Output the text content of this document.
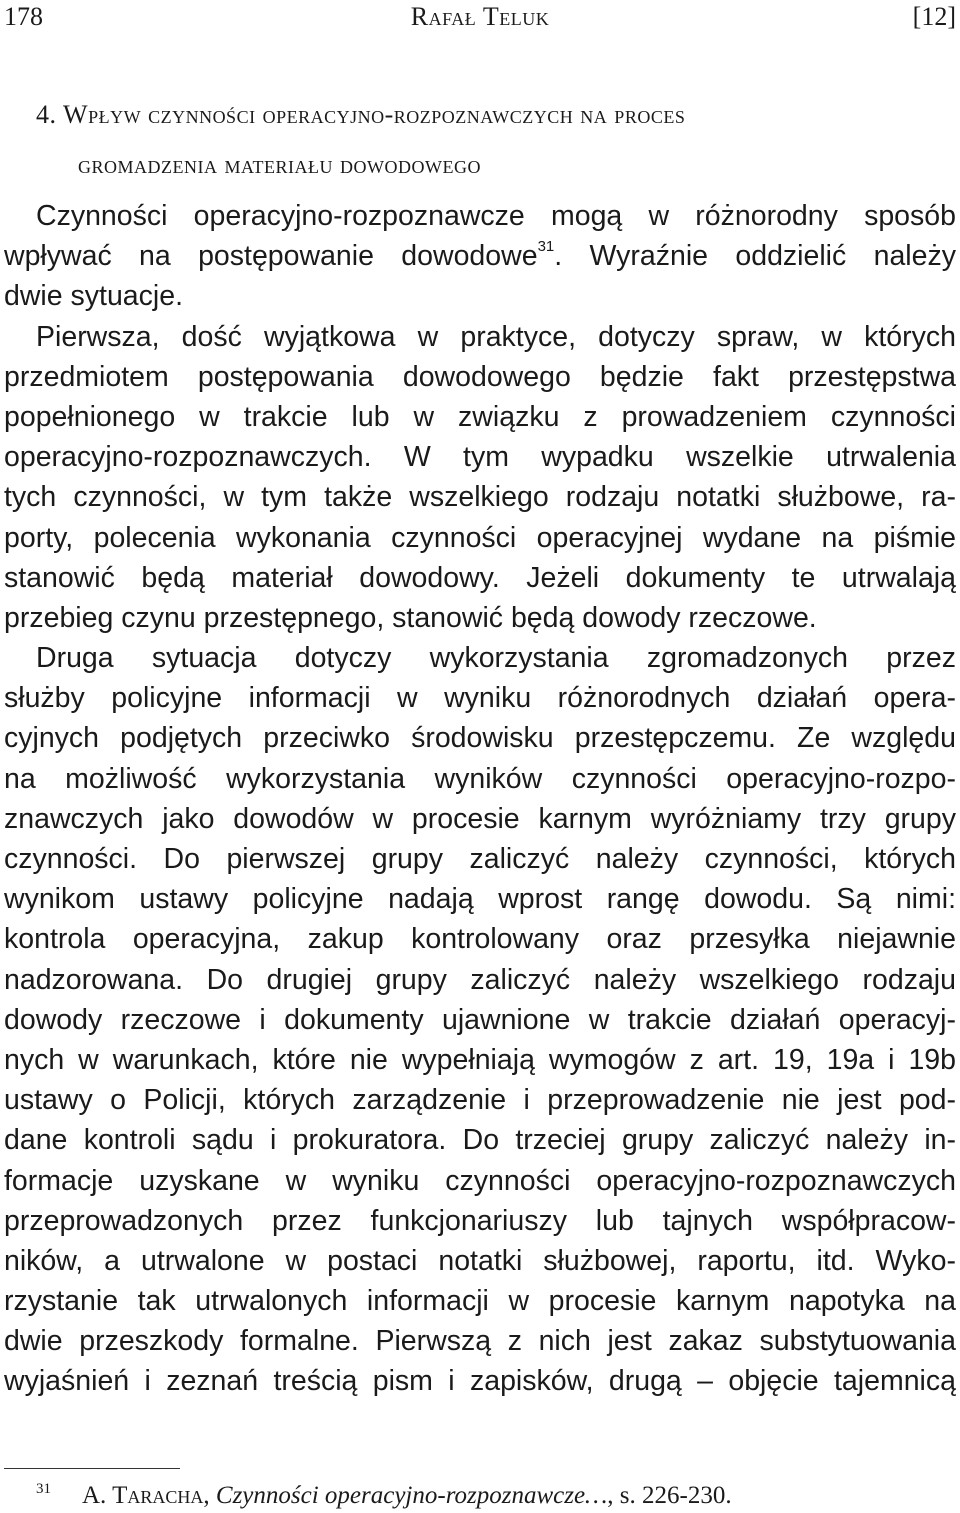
178	Rafał Teluk	[12]
4. Wpływ czynności operacyjno-rozpoznawczych na proces
gromadzenia materiału dowodowego
Czynności operacyjno-rozpoznawcze mogą w różnorodny sposób
wpływać na postępowanie dowodowe$^{31}$. Wyraźnie oddzielić należy
dwie sytuacje.
Pierwsza, dość wyjątkowa w praktyce, dotyczy spraw, w których
przedmiotem postępowania dowodowego będzie fakt przestępstwa
popełnionego w trakcie lub w związku z prowadzeniem czynności
operacyjno-rozpoznawczych. W tym wypadku wszelkie utrwalenia
tych czynności, w tym także wszelkiego rodzaju notatki służbowe, ra-
porty, polecenia wykonania czynności operacyjnej wydane na piśmie
stanowić będą materiał dowodowy. Jeżeli dokumenty te utrwalają
przebieg czynu przestępnego, stanowić będą dowody rzeczowe.
Druga sytuacja dotyczy wykorzystania zgromadzonych przez
służby policyjne informacji w wyniku różnorodnych działań opera-
cyjnych podjętych przeciwko środowisku przestępczemu. Ze względu
na możliwość wykorzystania wyników czynności operacyjno-rozpo-
znawczych jako dowodów w procesie karnym wyróżniamy trzy grupy
czynności. Do pierwszej grupy zaliczyć należy czynności, których
wynikom ustawy policyjne nadają wprost rangę dowodu. Są nimi:
kontrola operacyjna, zakup kontrolowany oraz przesyłka niejawnie
nadzorowana. Do drugiej grupy zaliczyć należy wszelkiego rodzaju
dowody rzeczowe i dokumenty ujawnione w trakcie działań operacyj-
nych w warunkach, które nie wypełniają wymogów z art. 19, 19a i 19b
ustawy o Policji, których zarządzenie i przeprowadzenie nie jest pod-
dane kontroli sądu i prokuratora. Do trzeciej grupy zaliczyć należy in-
formacje uzyskane w wyniku czynności operacyjno-rozpoznawczych
przeprowadzonych przez funkcjonariuszy lub tajnych współpracow-
ników, a utrwalone w postaci notatki służbowej, raportu, itd. Wyko-
rzystanie tak utrwalonych informacji w procesie karnym napotyka na
dwie przeszkody formalne. Pierwszą z nich jest zakaz substytuowania
wyjaśnień i zeznań treścią pism i zapisków, drugą – objęcie tajemnicą
31 A. Taracha, Czynności operacyjno-rozpoznawcze…, s. 226-230.
